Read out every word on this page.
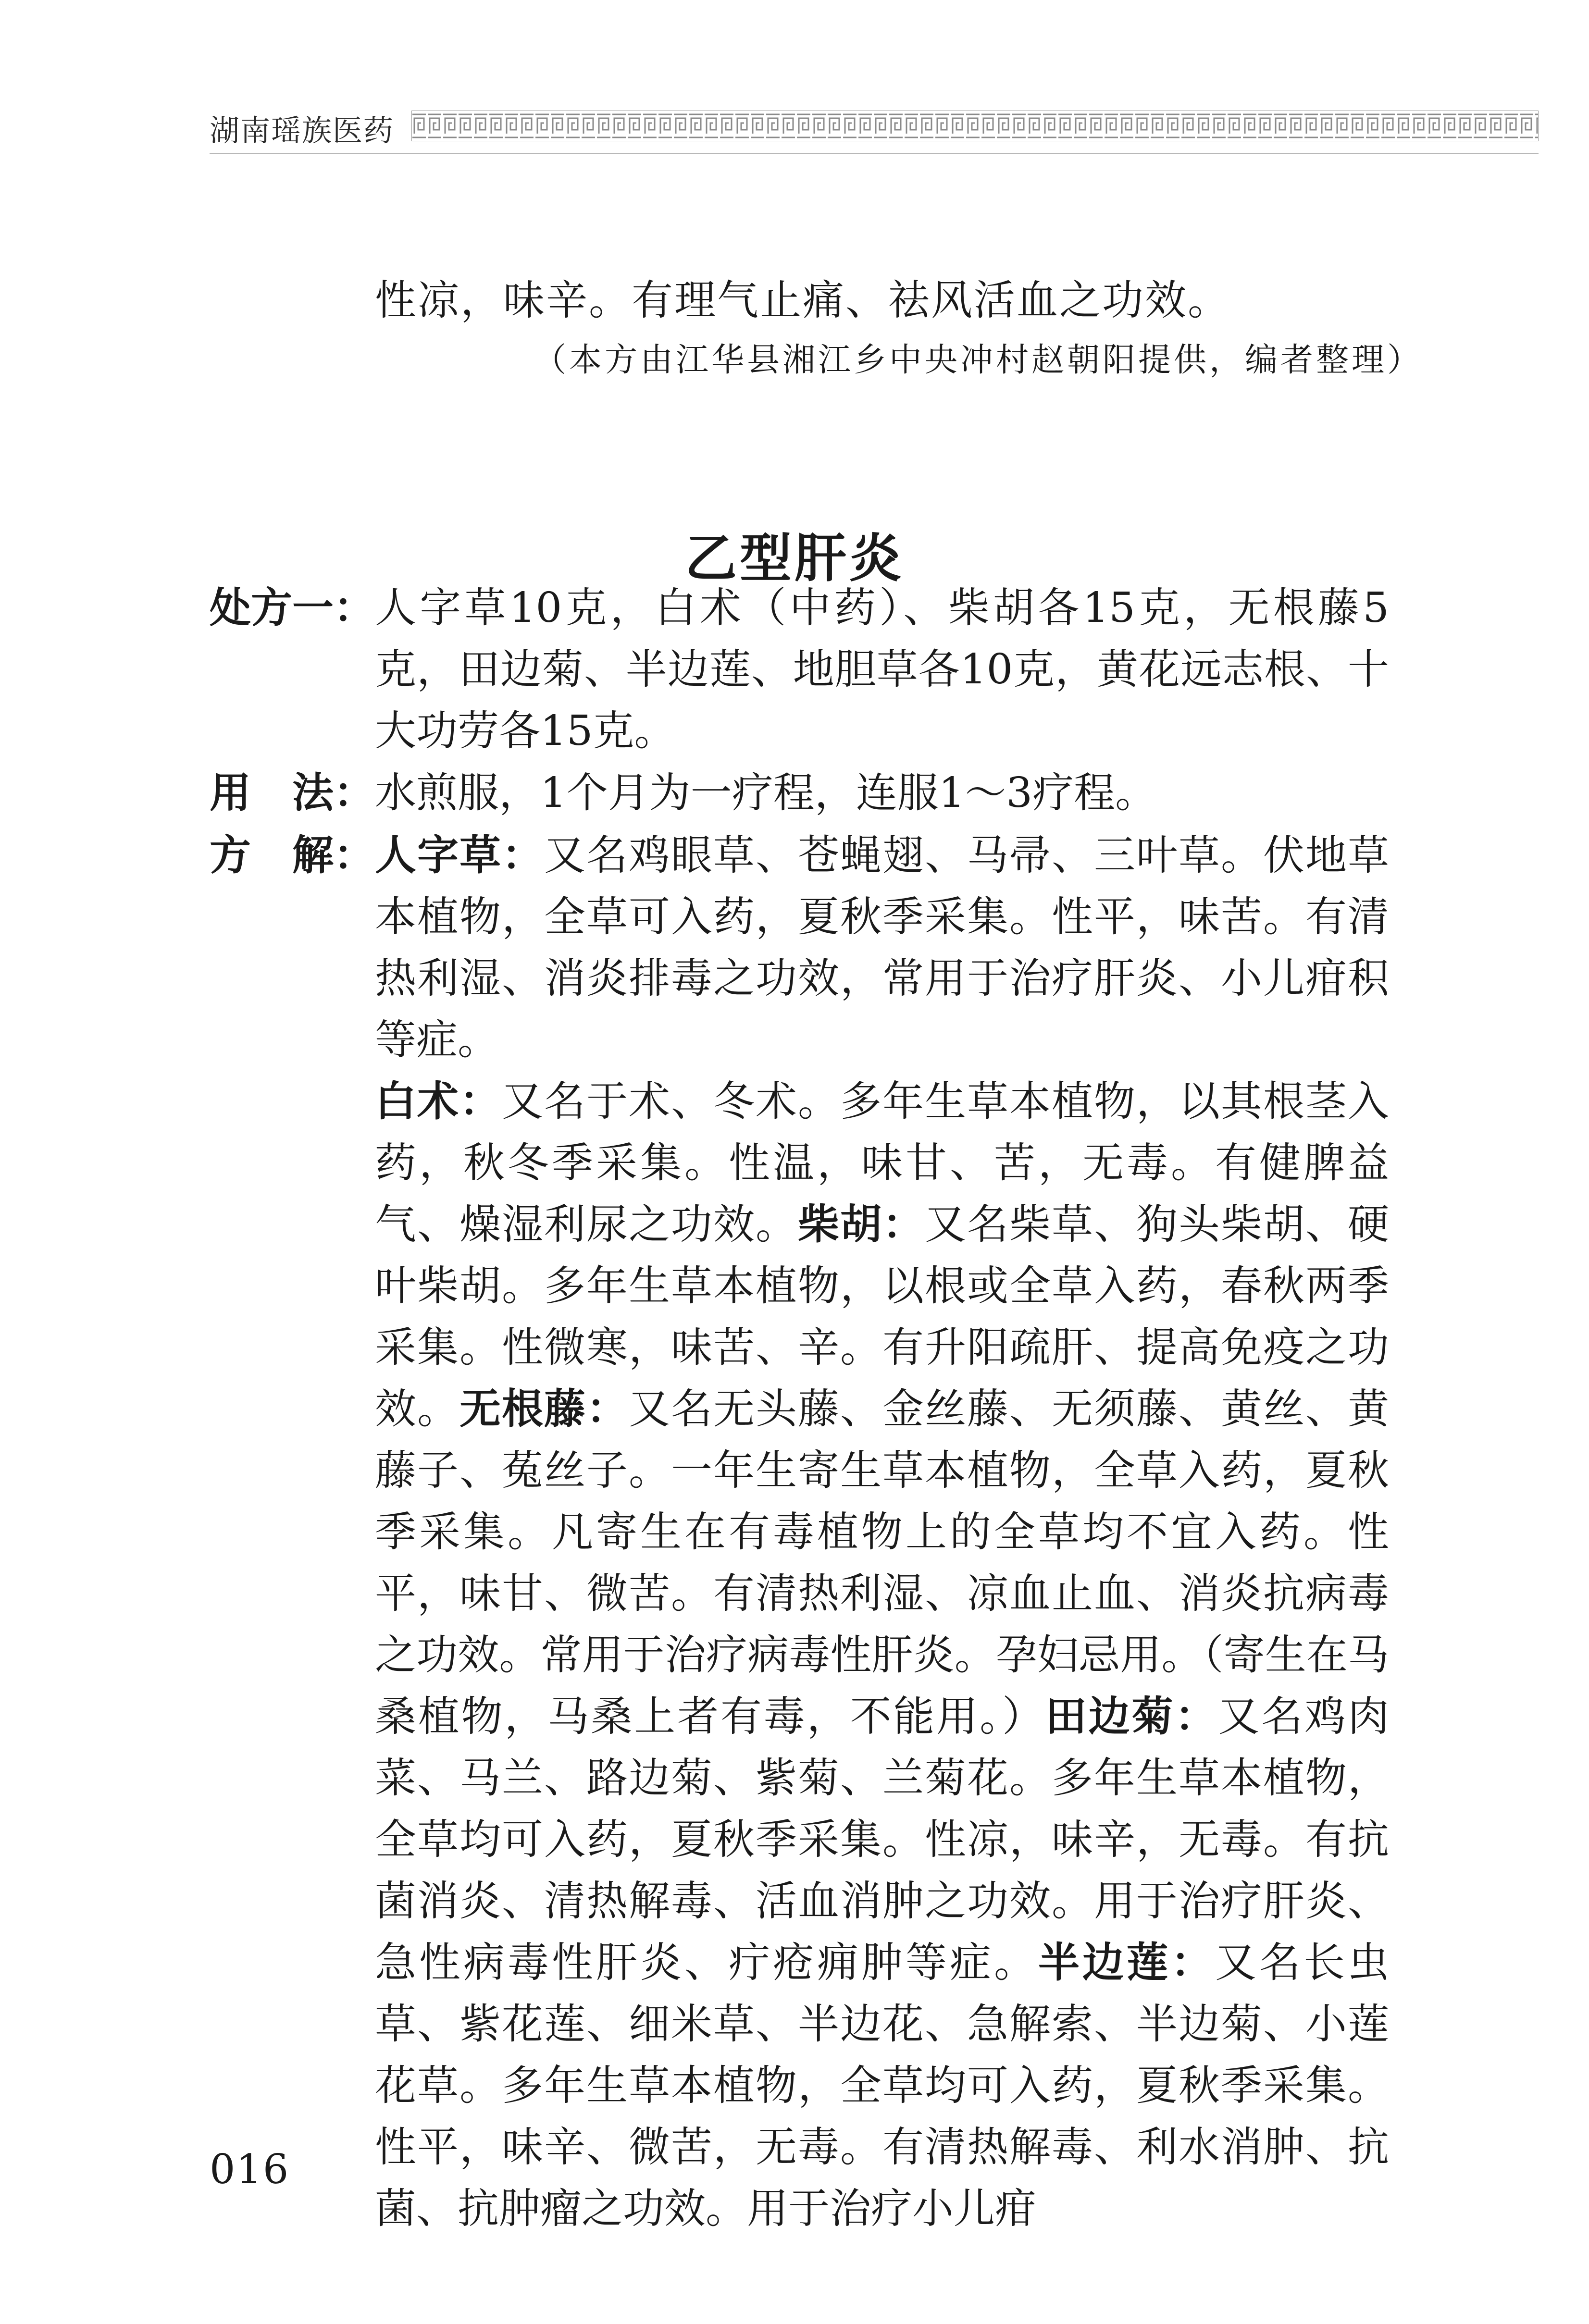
湖南瑶族医药
性凉，味辛。有理气止痛、祛风活血之功效。
（本方由江华县湘江乡中央冲村赵朝阳提供，编者整理）
乙型肝炎
处方一： 人字草10克，白术（中药）、柴胡各15克，无根藤5克，田边菊、半边莲、地胆草各10克，黄花远志根、十大功劳各15克。

用　法： 水煎服，1个月为一疗程，连服1～3疗程。

方　解： 人字草：又名鸡眼草、苍蝇翅、马帚、三叶草。伏地草本植物，全草可入药，夏秋季采集。性平，味苦。有清热利湿、消炎排毒之功效，常用于治疗肝炎、小儿疳积等症。

白术：又名于术、冬术。多年生草本植物，以其根茎入药，秋冬季采集。性温，味甘、苦，无毒。有健脾益气、燥湿利尿之功效。柴胡：又名柴草、狗头柴胡、硬叶柴胡。多年生草本植物，以根或全草入药，春秋两季采集。性微寒，味苦、辛。有升阳疏肝、提高免疫之功效。无根藤：又名无头藤、金丝藤、无须藤、黄丝、黄藤子、菟丝子。一年生寄生草本植物，全草入药，夏秋季采集。凡寄生在有毒植物上的全草均不宜入药。性平，味甘、微苦。有清热利湿、凉血止血、消炎抗病毒之功效。常用于治疗病毒性肝炎。孕妇忌用。（寄生在马桑植物，马桑上者有毒，不能用。）田边菊：又名鸡肉菜、马兰、路边菊、紫菊、兰菊花。多年生草本植物，全草均可入药，夏秋季采集。性凉，味辛，无毒。有抗菌消炎、清热解毒、活血消肿之功效。用于治疗肝炎、急性病毒性肝炎、疔疮痈肿等症。半边莲：又名长虫草、紫花莲、细米草、半边花、急解索、半边菊、小莲花草。多年生草本植物，全草均可入药，夏秋季采集。性平，味辛、微苦，无毒。有清热解毒、利水消肿、抗菌、抗肿瘤之功效。用于治疗小儿疳

016
